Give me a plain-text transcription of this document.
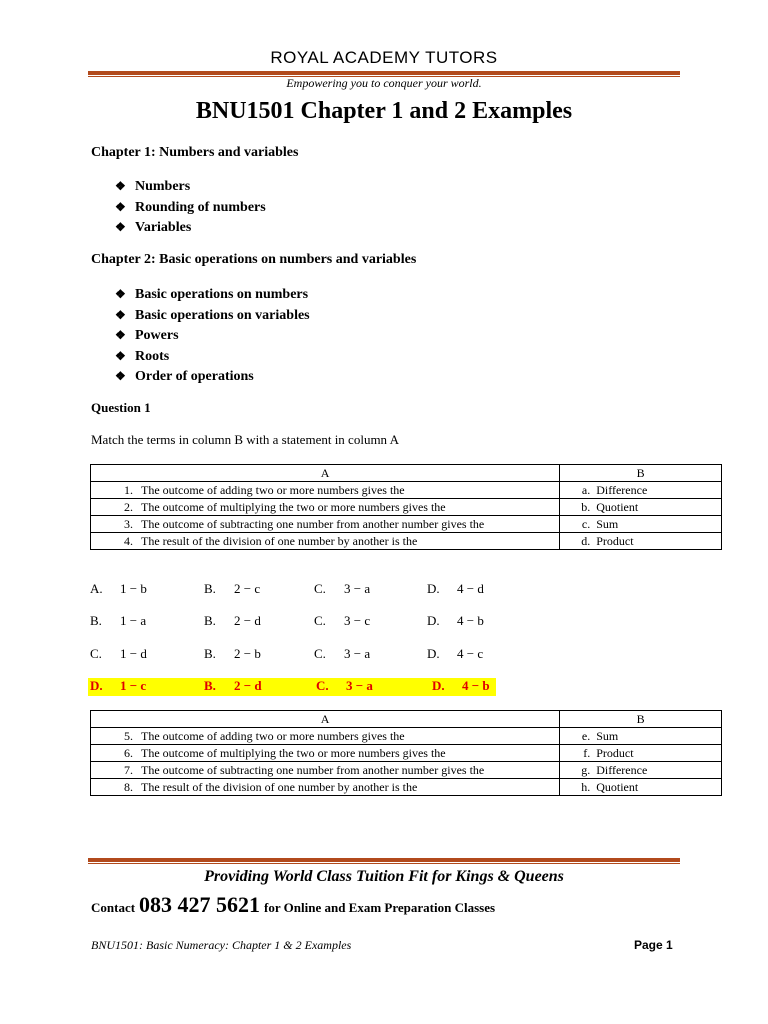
ROYAL ACADEMY TUTORS
Empowering you to conquer your world.
BNU1501 Chapter 1 and 2 Examples
Chapter 1: Numbers and variables
❖ Numbers
❖ Rounding of numbers
❖ Variables
Chapter 2: Basic operations on numbers and variables
❖ Basic operations on numbers
❖ Basic operations on variables
❖ Powers
❖ Roots
❖ Order of operations
Question 1
Match the terms in column B with a statement in column A
A	B
1. The outcome of adding two or more numbers gives the	a. Difference
2. The outcome of multiplying the two or more numbers gives the	b. Quotient
3. The outcome of subtracting one number from another number gives the	c. Sum
4. The result of the division of one number by another is the	d. Product
A. 1 − b	B. 2 − c	C. 3 − a	D. 4 − d
B. 1 − a	B. 2 − d	C. 3 − c	D. 4 − b
C. 1 − d	B. 2 − b	C. 3 − a	D. 4 − c
D. 1 − c	B. 2 − d	C. 3 − a	D. 4 − b
A	B
5. The outcome of adding two or more numbers gives the	e. Sum
6. The outcome of multiplying the two or more numbers gives the	f. Product
7. The outcome of subtracting one number from another number gives the	g. Difference
8. The result of the division of one number by another is the	h. Quotient
Providing World Class Tuition Fit for Kings & Queens
Contact 083 427 5621 for Online and Exam Preparation Classes
BNU1501: Basic Numeracy: Chapter 1 & 2 Examples	Page 1
